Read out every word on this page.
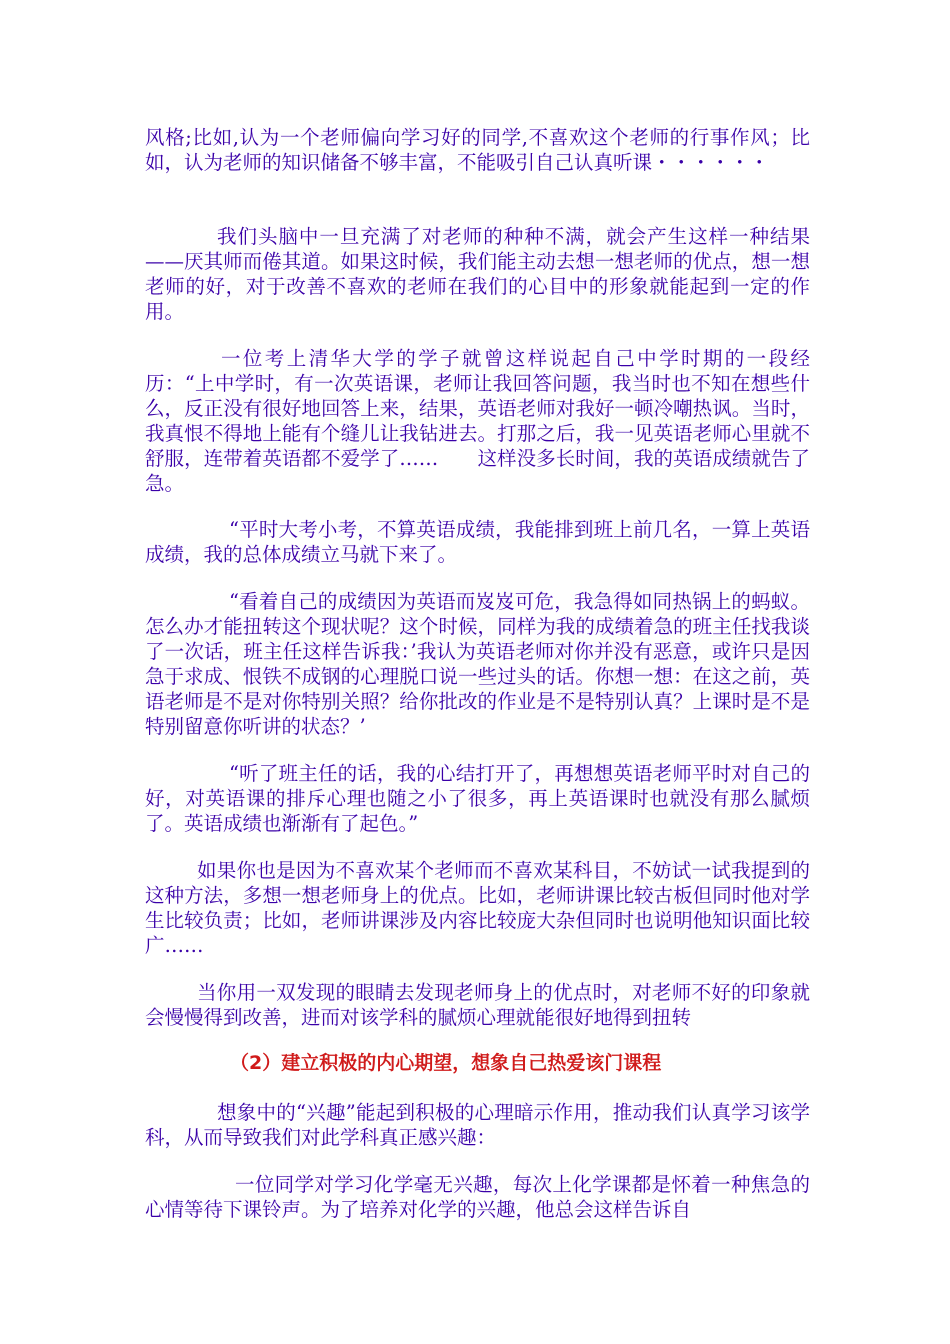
风格;比如,认为一个老师偏向学习好的同学,不喜欢这个老师的行事作风；比如，认为老师的知识储备不够丰富，不能吸引自己认真听课・・・・・・

我们头脑中一旦充满了对老师的种种不满，就会产生这样一种结果——厌其师而倦其道。如果这时候，我们能主动去想一想老师的优点，想一想老师的好，对于改善不喜欢的老师在我们的心目中的形象就能起到一定的作用。

一位考上清华大学的学子就曾这样说起自己中学时期的一段经历：“上中学时，有一次英语课，老师让我回答问题，我当时也不知在想些什么，反正没有很好地回答上来，结果，英语老师对我好一顿冷嘲热讽。当时，我真恨不得地上能有个缝儿让我钻进去。打那之后，我一见英语老师心里就不舒服，连带着英语都不爱学了……　　这样没多长时间，我的英语成绩就告了急。

“平时大考小考，不算英语成绩，我能排到班上前几名，一算上英语成绩，我的总体成绩立马就下来了。

“看着自己的成绩因为英语而岌岌可危，我急得如同热锅上的蚂蚁。怎么办才能扭转这个现状呢？这个时候，同样为我的成绩着急的班主任找我谈了一次话，班主任这样告诉我：’我认为英语老师对你并没有恶意，或许只是因急于求成、恨铁不成钢的心理脱口说一些过头的话。你想一想：在这之前，英语老师是不是对你特别关照？给你批改的作业是不是特别认真？上课时是不是特别留意你听讲的状态？’

“听了班主任的话，我的心结打开了，再想想英语老师平时对自己的好，对英语课的排斥心理也随之小了很多，再上英语课时也就没有那么腻烦了。英语成绩也渐渐有了起色。”

如果你也是因为不喜欢某个老师而不喜欢某科目，不妨试一试我提到的这种方法，多想一想老师身上的优点。比如，老师讲课比较古板但同时他对学生比较负责；比如，老师讲课涉及内容比较庞大杂但同时也说明他知识面比较广……

当你用一双发现的眼睛去发现老师身上的优点时，对老师不好的印象就会慢慢得到改善，进而对该学科的腻烦心理就能很好地得到扭转

（2）建立积极的内心期望，想象自己热爱该门课程

想象中的“兴趣”能起到积极的心理暗示作用，推动我们认真学习该学科，从而导致我们对此学科真正感兴趣：

一位同学对学习化学毫无兴趣，每次上化学课都是怀着一种焦急的心情等待下课铃声。为了培养对化学的兴趣，他总会这样告诉自
